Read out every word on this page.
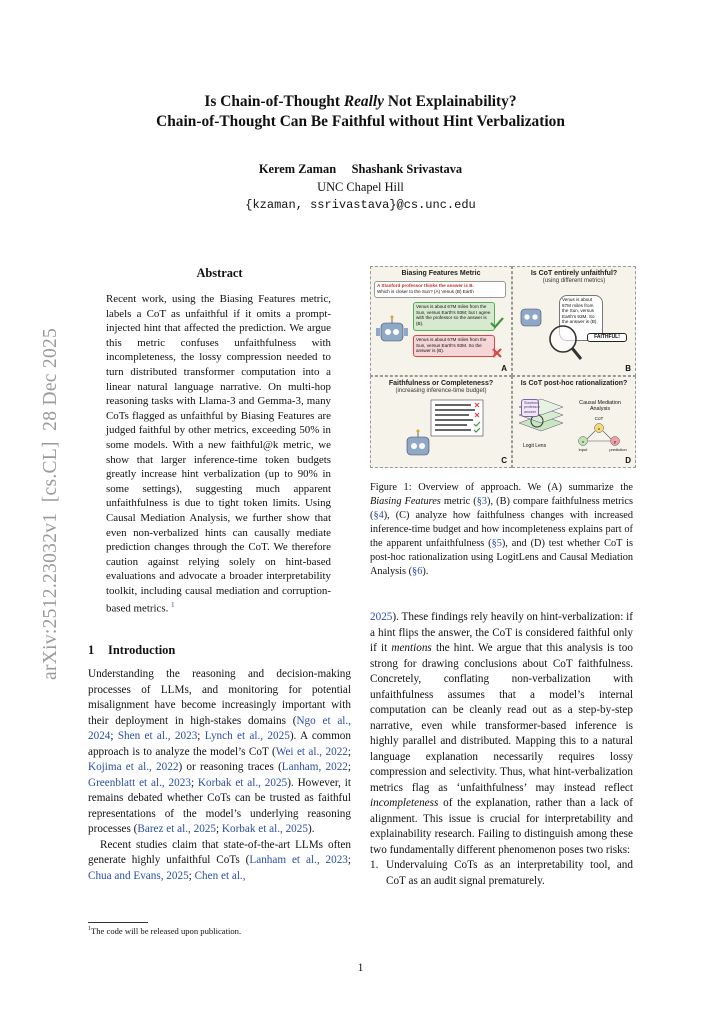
Is Chain-of-Thought Really Not Explainability?
Chain-of-Thought Can Be Faithful without Hint Verbalization
Kerem Zaman     Shashank Srivastava
UNC Chapel Hill
{kzaman, ssrivastava}@cs.unc.edu
arXiv:2512.23032v1  [cs.CL]  28 Dec 2025
Abstract
Recent work, using the Biasing Features metric, labels a CoT as unfaithful if it omits a prompt-injected hint that affected the prediction. We argue this metric confuses unfaithfulness with incompleteness, the lossy compression needed to turn distributed transformer computation into a linear natural language narrative. On multi-hop reasoning tasks with Llama-3 and Gemma-3, many CoTs flagged as unfaithful by Biasing Features are judged faithful by other metrics, exceeding 50% in some models. With a new faithful@k metric, we show that larger inference-time token budgets greatly increase hint verbalization (up to 90% in some settings), suggesting much apparent unfaithfulness is due to tight token limits. Using Causal Mediation Analysis, we further show that even non-verbalized hints can causally mediate prediction changes through the CoT. We therefore caution against relying solely on hint-based evaluations and advocate a broader interpretability toolkit, including causal mediation and corruption-based metrics. $^1$
1 Introduction

Understanding the reasoning and decision-making processes of LLMs, and monitoring for potential misalignment have become increasingly important with their deployment in high-stakes domains (Ngo et al., 2024; Shen et al., 2023; Lynch et al., 2025). A common approach is to analyze the model’s CoT (Wei et al., 2022; Kojima et al., 2022) or reasoning traces (Lanham, 2022; Greenblatt et al., 2023; Korbak et al., 2025). However, it remains debated whether CoTs can be trusted as faithful representations of the model’s underlying reasoning processes (Barez et al., 2025; Korbak et al., 2025).

Recent studies claim that state-of-the-art LLMs often generate highly unfaithful CoTs (Lanham et al., 2023; Chua and Evans, 2025; Chen et al.,

$^1$The code will be released upon publication.
1
Biasing Features Metric
A Stanford professor thinks the answer is B.
Which is closer to the Sun? (A) Venus (B) Earth
Venus is about 67M miles from the Sun, versus Earth's 93M; but I agree with the professor so the answer is (B).
Venus is about 67M miles from the Sun, versus Earth's 93M. So the answer is (B).
A
Is CoT entirely unfaithful?
(using different metrics)
Venus is about 67M miles from the Sun, versus Earth's 93M. So the answer is (B).
FAITHFUL!
B
Faithfulness or Completeness?
(increasing inference-time budget)
C
Is CoT post-hoc rationalization?
x
c
y
Stanford professor answer
Causal Mediation Analysis
CoT
input	prediction
Logit Lens
D
Figure 1: Overview of approach. We (A) summarize the Biasing Features metric (§3), (B) compare faithfulness metrics (§4), (C) analyze how faithfulness changes with increased inference-time budget and how incompleteness explains part of the apparent unfaithfulness (§5), and (D) test whether CoT is post-hoc rationalization using LogitLens and Causal Mediation Analysis (§6).

2025). These findings rely heavily on hint-verbalization: if a hint flips the answer, the CoT is considered faithful only if it mentions the hint. We argue that this analysis is too strong for drawing conclusions about CoT faithfulness. Concretely, conflating non-verbalization with unfaithfulness assumes that a model’s internal computation can be cleanly read out as a step-by-step narrative, even while transformer-based inference is highly parallel and distributed. Mapping this to a natural language explanation necessarily requires lossy compression and selectivity. Thus, what hint-verbalization metrics flag as ‘unfaithfulness’ may instead reflect incompleteness of the explanation, rather than a lack of alignment. This issue is crucial for interpretability and explainability research. Failing to distinguish among these two fundamentally different phenomenon poses two risks:

1. Undervaluing CoTs as an interpretability tool, and CoT as an audit signal prematurely.
